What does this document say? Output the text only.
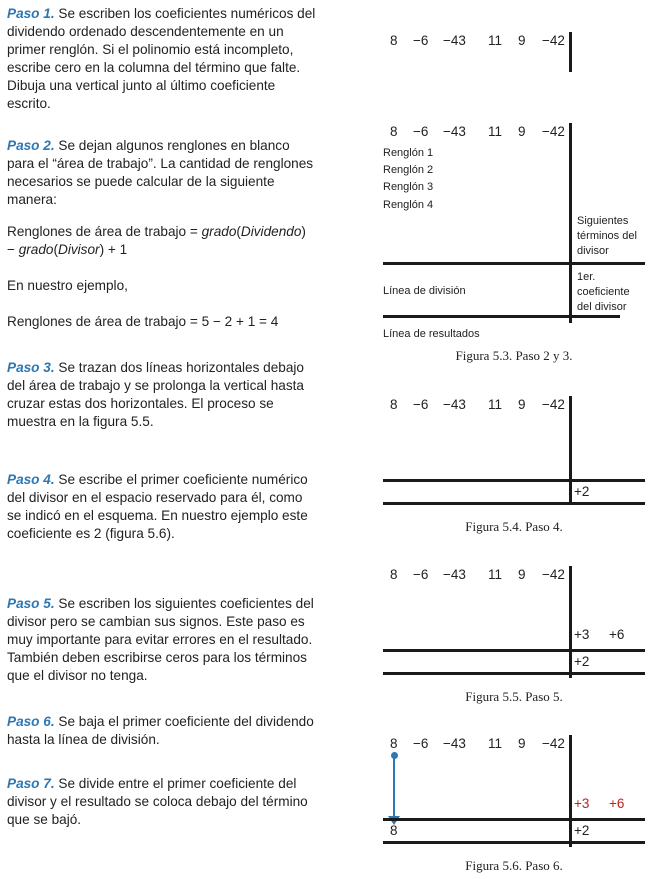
Paso 1. Se escriben los coeficientes numéricos del dividendo ordenado descendentemente en un primer renglón. Si el polinomio está incompleto, escribe cero en la columna del término que falte. Dibuja una vertical junto al último coeficiente escrito.

Paso 2. Se dejan algunos renglones en blanco para el “área de trabajo”. La cantidad de renglones necesarios se puede calcular de la siguiente manera:

Renglones de área de trabajo = grado(Dividendo)
− grado(Divisor) + 1

En nuestro ejemplo,

Renglones de área de trabajo = 5 − 2 + 1 = 4

Paso 3. Se trazan dos líneas horizontales debajo del área de trabajo y se prolonga la vertical hasta cruzar estas dos horizontales. El proceso se muestra en la figura 5.5.

Paso 4. Se escribe el primer coeficiente numérico del divisor en el espacio reservado para él, como se indicó en el esquema. En nuestro ejemplo este coeficiente es 2 (figura 5.6).

Paso 5. Se escriben los siguientes coeficientes del divisor pero se cambian sus signos. Este paso es muy importante para evitar errores en el resultado. También deben escribirse ceros para los términos que el divisor no tenga.

Paso 6. Se baja el primer coeficiente del dividendo hasta la línea de división.

Paso 7. Se divide entre el primer coeficiente del divisor y el resultado se coloca debajo del término que se bajó.

8 −6 −43 11 9 −42
8 −6 −43 11 9 −42
Renglón 1
Renglón 2
Renglón 3
Renglón 4
Siguientes
términos del
divisor
Línea de división
1er.
coeficiente
del divisor
Línea de resultados
Figura 5.3. Paso 2 y 3.
8 −6 −43 11 9 −42
+2
Figura 5.4. Paso 4.
8 −6 −43 11 9 −42
+3 +6
+2
Figura 5.5. Paso 5.
8 −6 −43 11 9 −42
+3 +6
8	+2
Figura 5.6. Paso 6.
